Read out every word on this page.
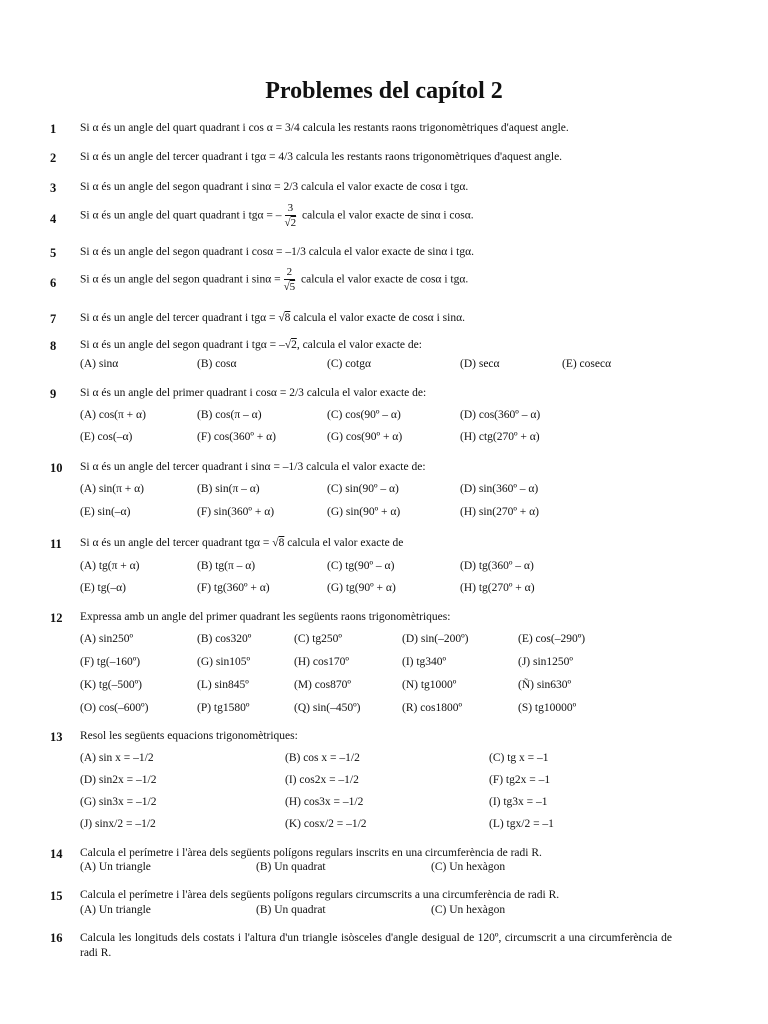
Problemes del capítol 2
1 Si α és un angle del quart quadrant i cos α = 3/4 calcula les restants raons trigonomètriques d'aquest angle.
2 Si α és un angle del tercer quadrant i tgα = 4/3 calcula les restants raons trigonomètriques d'aquest angle.
3 Si α és un angle del segon quadrant i sinα = 2/3 calcula el valor exacte de cosα i tgα.
4 Si α és un angle del quart quadrant i tgα = – $\frac{3}{√2}$ calcula el valor exacte de sinα i cosα.
5 Si α és un angle del segon quadrant i cosα = –1/3 calcula el valor exacte de sinα i tgα.
6 Si α és un angle del segon quadrant i $\sin\alpha = \frac{2}{√5}$ calcula el valor exacte de cosα i tgα.
7 Si α és un angle del tercer quadrant i tgα = √8 calcula el valor exacte de cosα i sinα.
8 Si α és un angle del segon quadrant i tgα = –√2, calcula el valor exacte de:
(A) sinα	(B) cosα	(C) cotgα	(D) secα	(E) cosecα
9 Si α és un angle del primer quadrant i cosα = 2/3 calcula el valor exacte de:
(A) cos(π + α)	(B) cos(π – α)	(C) cos(90º – α)	(D) cos(360º – α)
(E) cos(–α)	(F) cos(360º + α)	(G) cos(90º + α)	(H) ctg(270º + α)
10 Si α és un angle del tercer quadrant i sinα = –1/3 calcula el valor exacte de:
(A) sin(π + α)	(B) sin(π – α)	(C) sin(90º – α)	(D) sin(360º – α)
(E) sin(–α)	(F) sin(360º + α)	(G) sin(90º + α)	(H) sin(270º + α)
11 Si α és un angle del tercer quadrant tgα = √8 calcula el valor exacte de
(A) tg(π + α)	(B) tg(π – α)	(C) tg(90º – α)	(D) tg(360º – α)
(E) tg(–α)	(F) tg(360º + α)	(G) tg(90º + α)	(H) tg(270º + α)
12 Expressa amb un angle del primer quadrant les següents raons trigonomètriques:
(A) sin250º	(B) cos320º	(C) tg250º	(D) sin(–200º)	(E) cos(–290º)
(F) tg(–160º)	(G) sin105º	(H) cos170º	(I) tg340º	(J) sin1250º
(K) tg(–500º)	(L) sin845º	(M) cos870º	(N) tg1000º	(Ñ) sin630º
(O) cos(–600º)	(P) tg1580º	(Q) sin(–450º)	(R) cos1800º	(S) tg10000º
13 Resol les següents equacions trigonomètriques:
(A) sin x = –1/2	(B) cos x = –1/2	(C) tg x = –1
(D) sin2x = –1/2	(I) cos2x = –1/2	(F) tg2x = –1
(G) sin3x = –1/2	(H) cos3x = –1/2	(I) tg3x = –1
(J) sinx/2 = –1/2	(K) cosx/2 = –1/2	(L) tgx/2 = –1
14 Calcula el perímetre i l'àrea dels següents polígons regulars inscrits en una circumferència de radi R.
(A) Un triangle	(B) Un quadrat	(C) Un hexàgon
15 Calcula el perímetre i l'àrea dels següents polígons regulars circumscrits a una circumferència de radi R.
(A) Un triangle	(B) Un quadrat	(C) Un hexàgon
16 Calcula les longituds dels costats i l'altura d'un triangle isòsceles d'angle desigual de 120º, circumscrit a una circumferència de radi R.
